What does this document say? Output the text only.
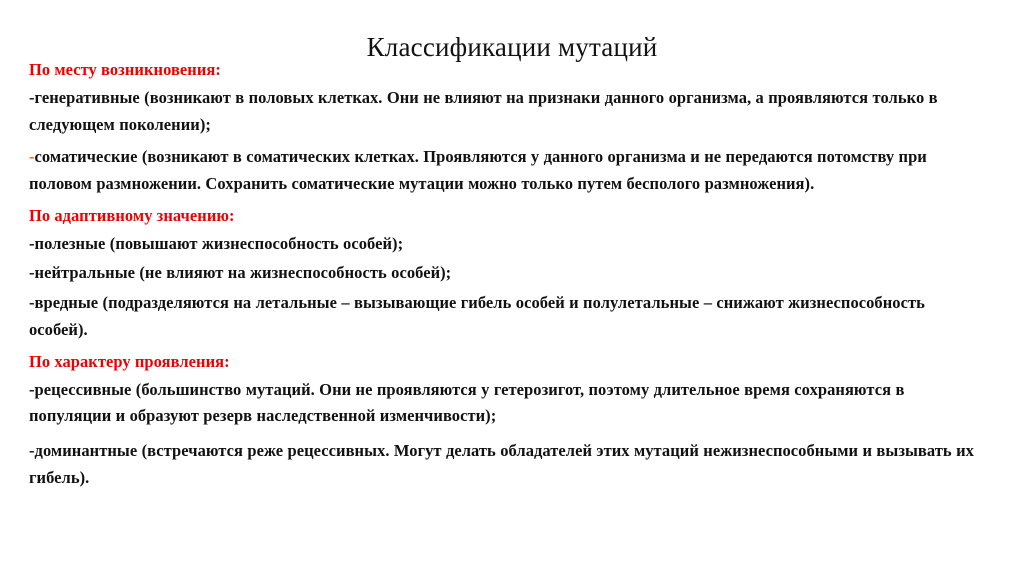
Классификации мутаций

По месту возникновения:

-генеративные (возникают в половых клетках. Они не влияют на признаки данного организма, а проявляются только в следующем поколении);

-соматические (возникают в соматических клетках. Проявляются у данного организма и не передаются потомству при половом размножении. Сохранить соматические мутации можно только путем бесполого размножения).

По адаптивному значению:

-полезные (повышают жизнеспособность особей);

-нейтральные (не влияют на жизнеспособность особей);

-вредные (подразделяются на летальные – вызывающие гибель особей и полулетальные – снижают жизнеспособность особей).

По характеру проявления:

-рецессивные (большинство мутаций. Они не проявляются у гетерозигот, поэтому длительное время сохраняются в популяции и образуют резерв наследственной изменчивости);

-доминантные (встречаются реже рецессивных. Могут делать обладателей этих мутаций нежизнеспособными и вызывать их гибель).
